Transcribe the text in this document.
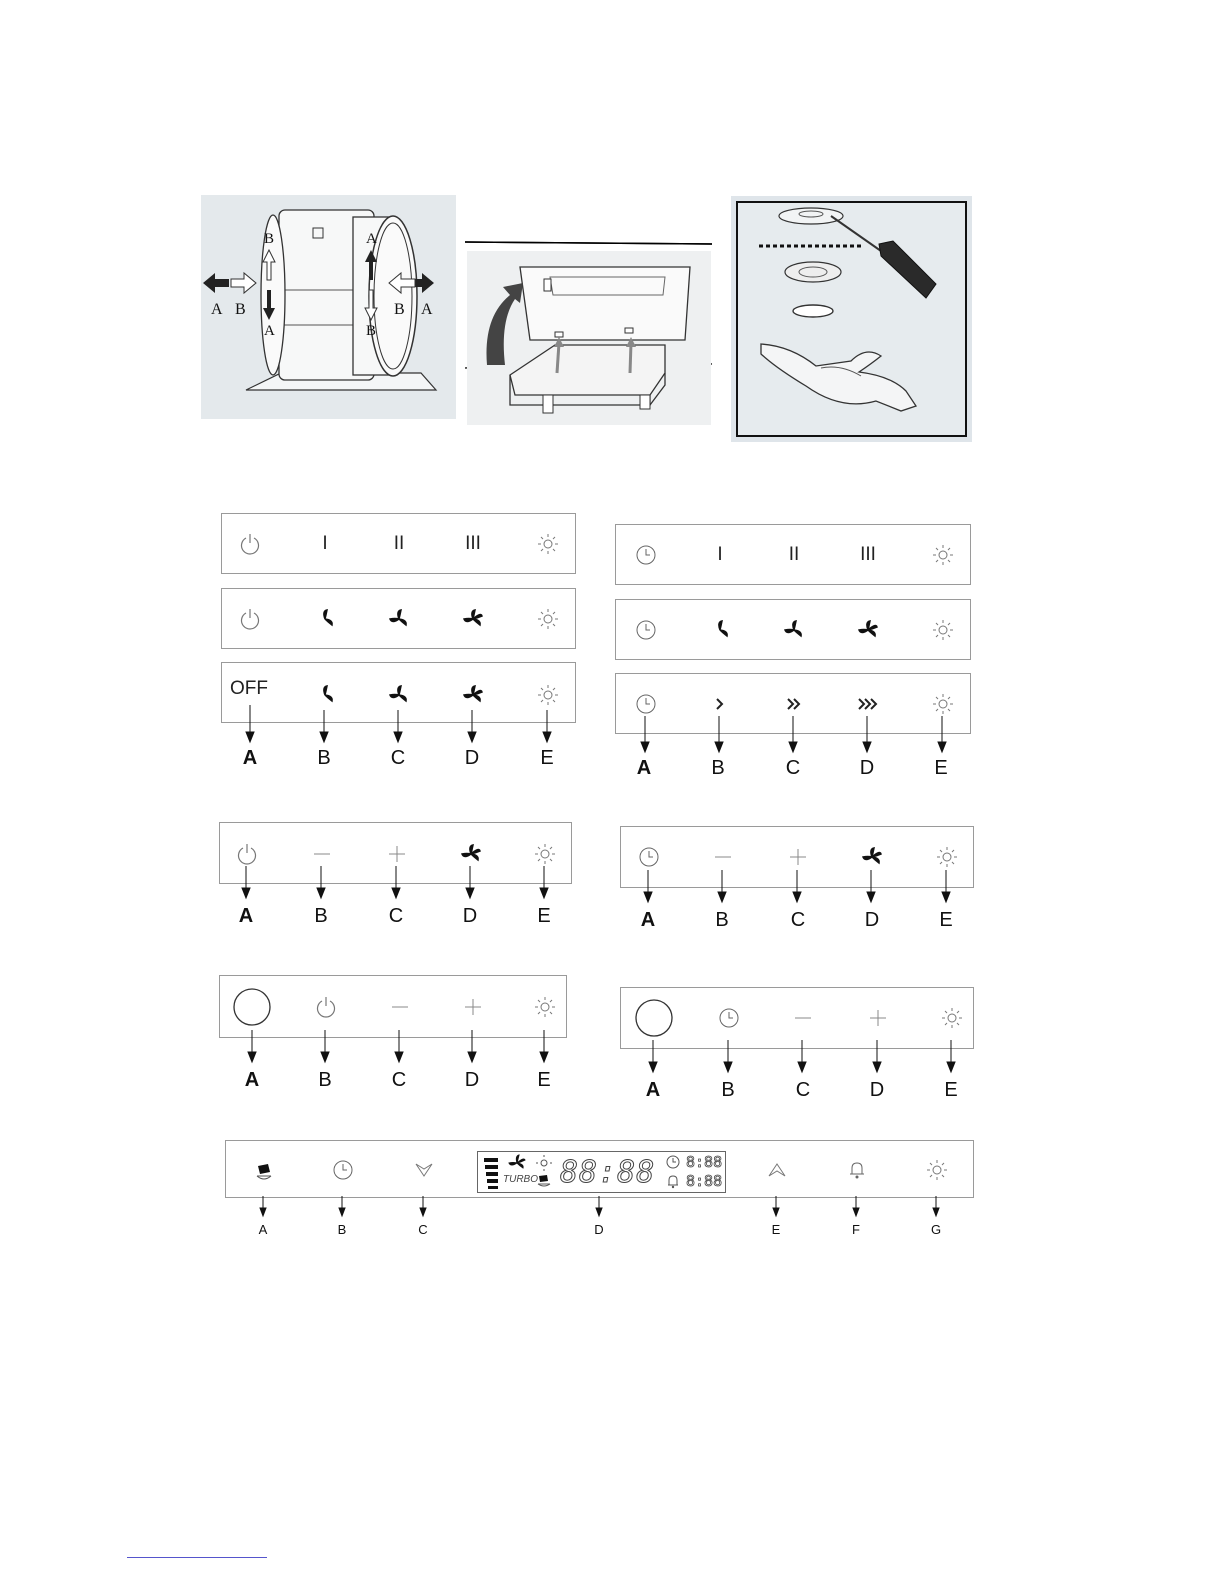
A B	B A
B
A
A
B
I	II	III
OFF
A	B	C	D	E
I	II	III
A	B	C	D	E
A	B	C	D	E	A	B	C	D	E
A	B	C	D	E	A	B	C	D	E
TURBO 88:88 8:88
8:88
A	B	C	D	E	F	G
